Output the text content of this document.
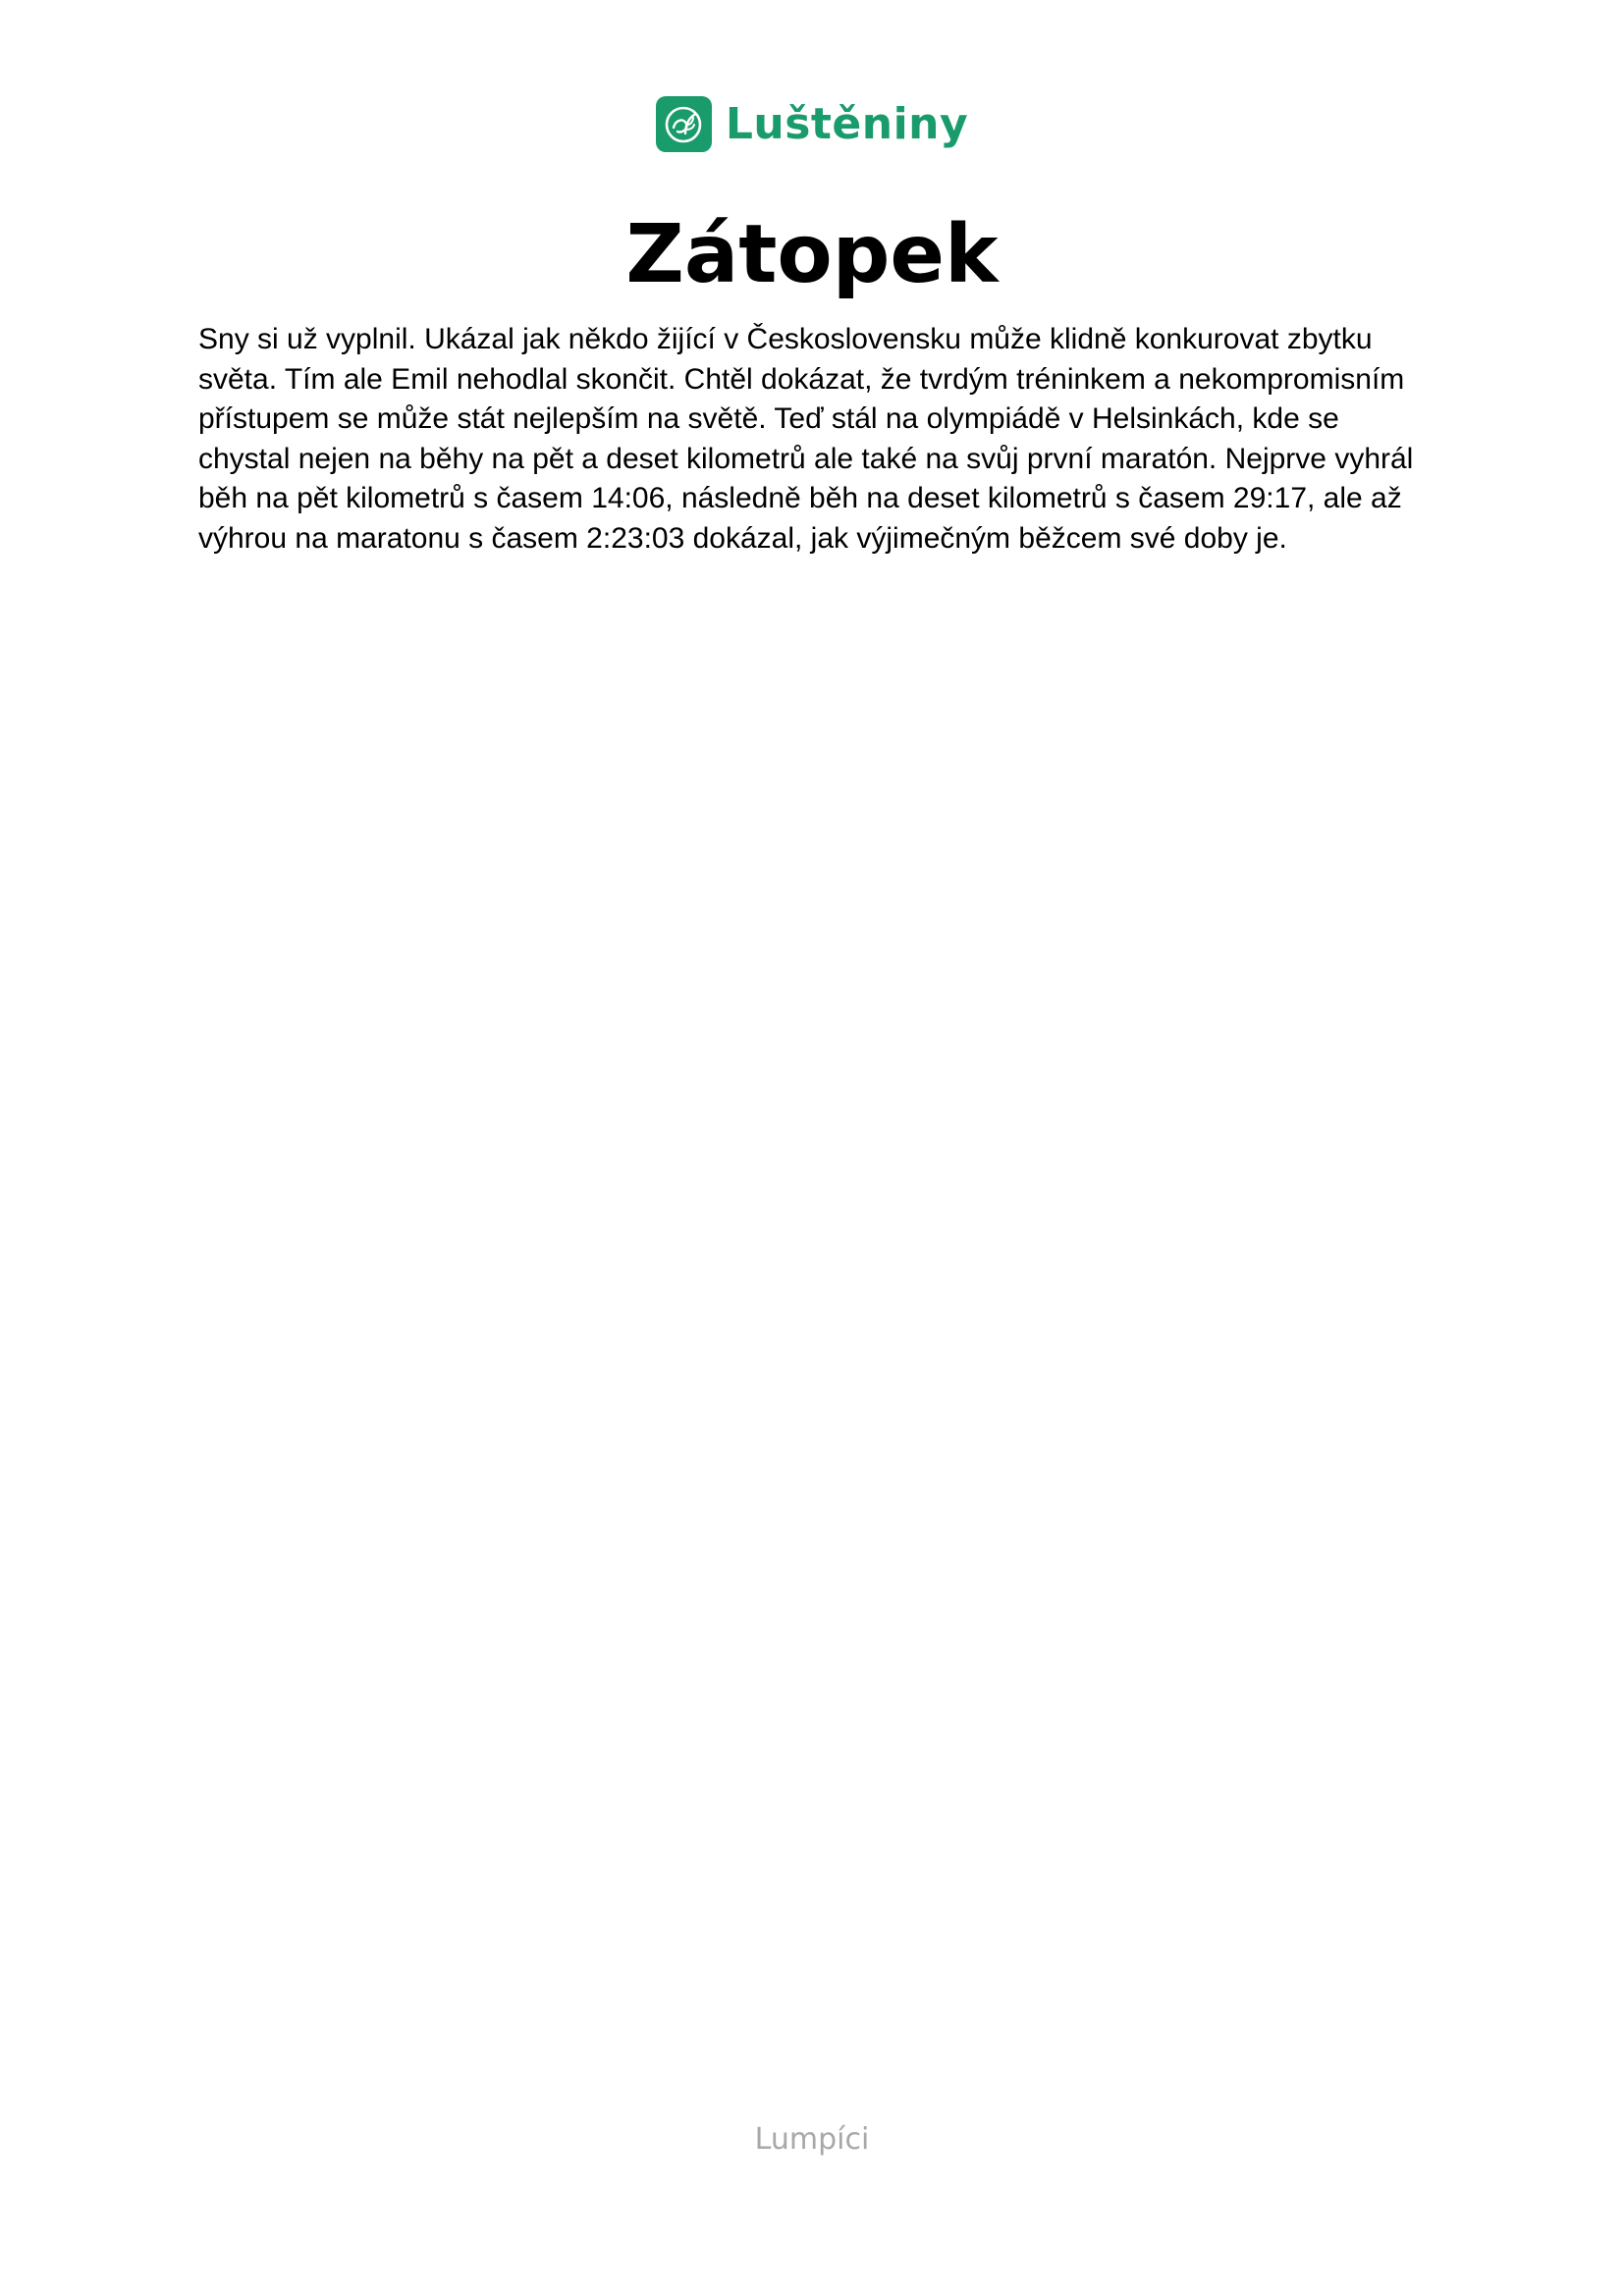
Luštěniny
Zátopek

Sny si už vyplnil. Ukázal jak někdo žijící v Československu může klidně konkurovat zbytku světa. Tím ale Emil nehodlal skončit. Chtěl dokázat, že tvrdým tréninkem a nekompromisním přístupem se může stát nejlepším na světě. Teď stál na olympiádě v Helsinkách, kde se chystal nejen na běhy na pět a deset kilometrů ale také na svůj první maratón. Nejprve vyhrál běh na pět kilometrů s časem 14:06, následně běh na deset kilometrů s časem 29:17, ale až výhrou na maratonu s časem 2:23:03 dokázal, jak výjimečným běžcem své doby je.

Lumpíci
